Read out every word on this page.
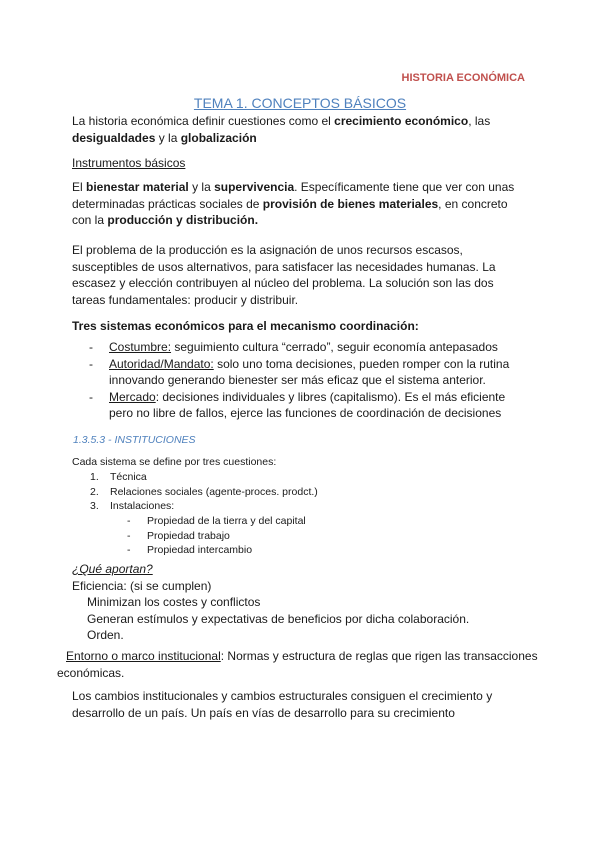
HISTORIA ECONÓMICA
TEMA 1. CONCEPTOS BÁSICOS
La historia económica definir cuestiones como el crecimiento económico, las
desigualdades y la globalización
Instrumentos básicos
El bienestar material y la supervivencia. Específicamente tiene que ver con unas
determinadas prácticas sociales de provisión de bienes materiales, en concreto
con la producción y distribución.
El problema de la producción es la asignación de unos recursos escasos,
susceptibles de usos alternativos, para satisfacer las necesidades humanas. La
escasez y elección contribuyen al núcleo del problema. La solución son las dos
tareas fundamentales: producir y distribuir.
Tres sistemas económicos para el mecanismo coordinación:
- Costumbre: seguimiento cultura “cerrado”, seguir economía antepasados
- Autoridad/Mandato: solo uno toma decisiones, pueden romper con la rutina
innovando generando bienester ser más eficaz que el sistema anterior.
- Mercado: decisiones individuales y libres (capitalismo). Es el más eficiente
pero no libre de fallos, ejerce las funciones de coordinación de decisiones
1.3.5.3 - INSTITUCIONES
Cada sistema se define por tres cuestiones:
1. Técnica
2. Relaciones sociales (agente-proces. prodct.)
3. Instalaciones:
- Propiedad de la tierra y del capital
- Propiedad trabajo
- Propiedad intercambio
¿Qué aportan?
Eficiencia: (si se cumplen)
Minimizan los costes y conflictos
Generan estímulos y expectativas de beneficios por dicha colaboración.
Orden.
Entorno o marco institucional: Normas y estructura de reglas que rigen las transacciones
económicas.
Los cambios institucionales y cambios estructurales consiguen el crecimiento y
desarrollo de un país. Un país en vías de desarrollo para su crecimiento
